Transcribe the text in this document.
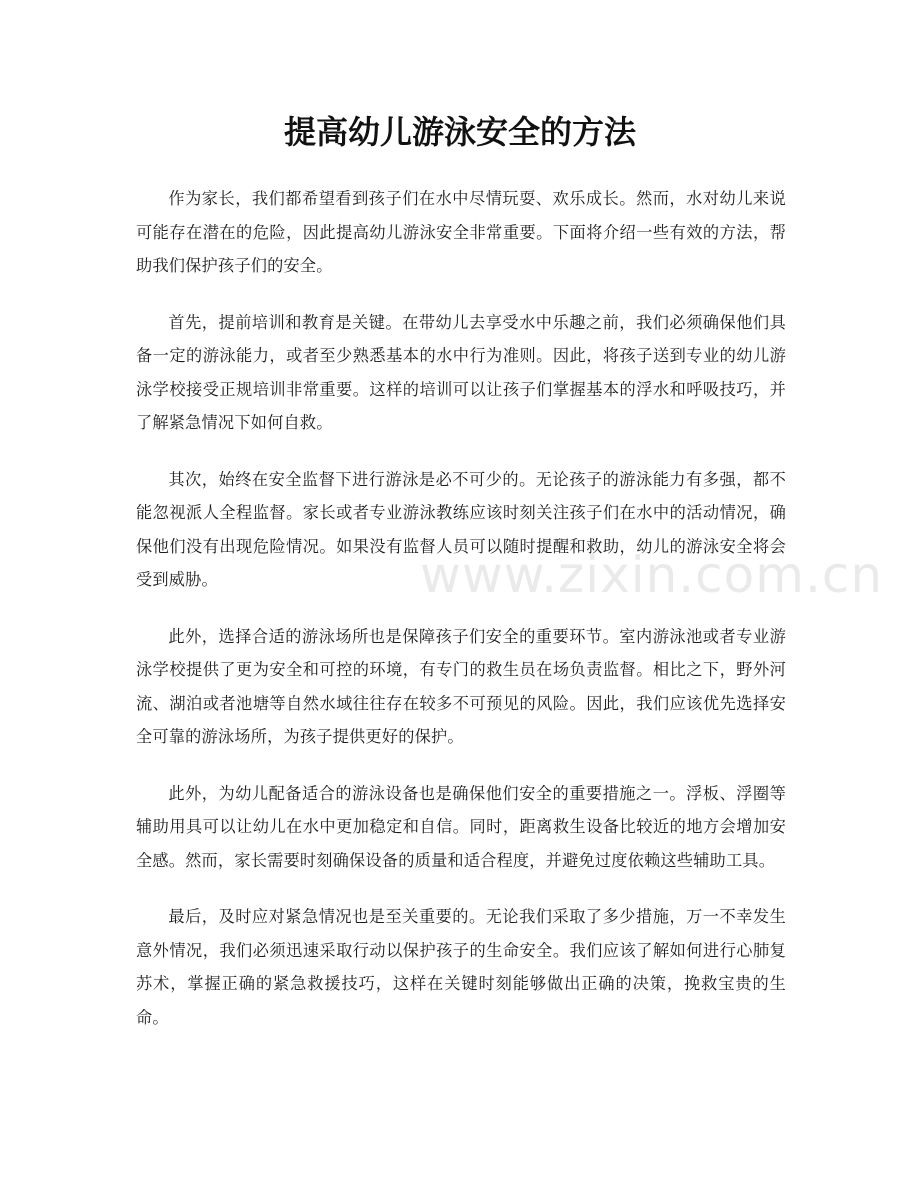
提高幼儿游泳安全的方法

作为家长，我们都希望看到孩子们在水中尽情玩耍、欢乐成长。然而，水对幼儿来说可能存在潜在的危险，因此提高幼儿游泳安全非常重要。下面将介绍一些有效的方法，帮助我们保护孩子们的安全。

首先，提前培训和教育是关键。在带幼儿去享受水中乐趣之前，我们必须确保他们具备一定的游泳能力，或者至少熟悉基本的水中行为准则。因此，将孩子送到专业的幼儿游泳学校接受正规培训非常重要。这样的培训可以让孩子们掌握基本的浮水和呼吸技巧，并了解紧急情况下如何自救。

其次，始终在安全监督下进行游泳是必不可少的。无论孩子的游泳能力有多强，都不能忽视派人全程监督。家长或者专业游泳教练应该时刻关注孩子们在水中的活动情况，确保他们没有出现危险情况。如果没有监督人员可以随时提醒和救助，幼儿的游泳安全将会受到威胁。

此外，选择合适的游泳场所也是保障孩子们安全的重要环节。室内游泳池或者专业游泳学校提供了更为安全和可控的环境，有专门的救生员在场负责监督。相比之下，野外河流、湖泊或者池塘等自然水域往往存在较多不可预见的风险。因此，我们应该优先选择安全可靠的游泳场所，为孩子提供更好的保护。

此外，为幼儿配备适合的游泳设备也是确保他们安全的重要措施之一。浮板、浮圈等辅助用具可以让幼儿在水中更加稳定和自信。同时，距离救生设备比较近的地方会增加安全感。然而，家长需要时刻确保设备的质量和适合程度，并避免过度依赖这些辅助工具。

最后，及时应对紧急情况也是至关重要的。无论我们采取了多少措施，万一不幸发生意外情况，我们必须迅速采取行动以保护孩子的生命安全。我们应该了解如何进行心肺复苏术，掌握正确的紧急救援技巧，这样在关键时刻能够做出正确的决策，挽救宝贵的生命。

www.zixin.com.cn
